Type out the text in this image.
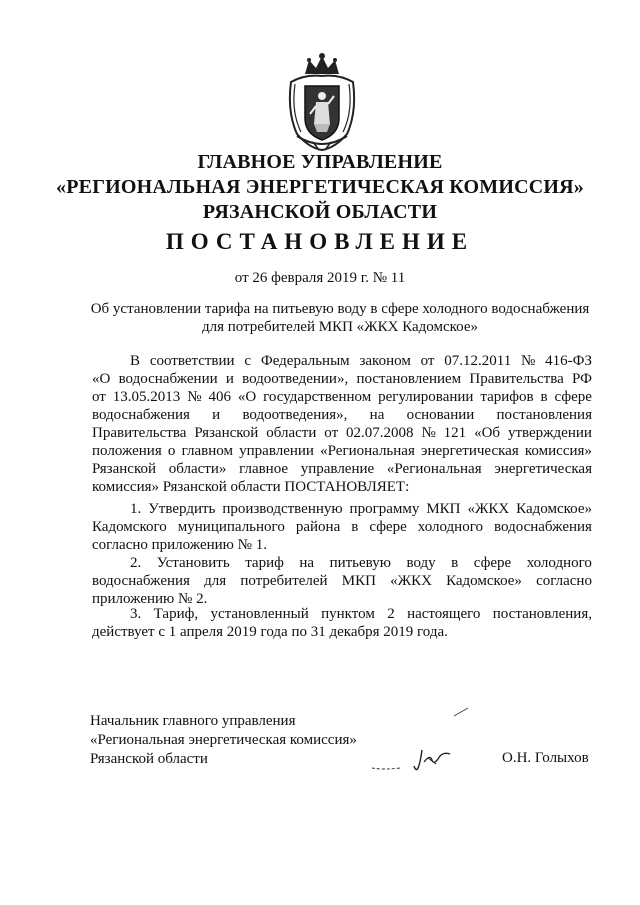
ГЛАВНОЕ УПРАВЛЕНИЕ
«РЕГИОНАЛЬНАЯ ЭНЕРГЕТИЧЕСКАЯ КОМИССИЯ»
РЯЗАНСКОЙ ОБЛАСТИ
ПОСТАНОВЛЕНИЕ
от 26 февраля 2019 г. № 11
Об установлении тарифа на питьевую воду в сфере холодного водоснабжения
для потребителей МКП «ЖКХ Кадомское»
В соответствии с Федеральным законом от 07.12.2011 № 416-ФЗ
«О водоснабжении и водоотведении», постановлением Правительства РФ
от 13.05.2013 № 406 «О государственном регулировании тарифов в сфере
водоснабжения и водоотведения», на основании постановления
Правительства Рязанской области от 02.07.2008 № 121 «Об утверждении
положения о главном управлении «Региональная энергетическая комиссия»
Рязанской области» главное управление «Региональная энергетическая
комиссия» Рязанской области ПОСТАНОВЛЯЕТ:
1. Утвердить производственную программу МКП «ЖКХ Кадомское»
Кадомского муниципального района в сфере холодного водоснабжения
согласно приложению № 1.
2. Установить тариф на питьевую воду в сфере холодного
водоснабжения для потребителей МКП «ЖКХ Кадомское» согласно
приложению № 2.
3. Тариф, установленный пунктом 2 настоящего постановления,
действует с 1 апреля 2019 года по 31 декабря 2019 года.
Начальник главного управления
«Региональная энергетическая комиссия»
Рязанской области	О.Н. Голыхов
